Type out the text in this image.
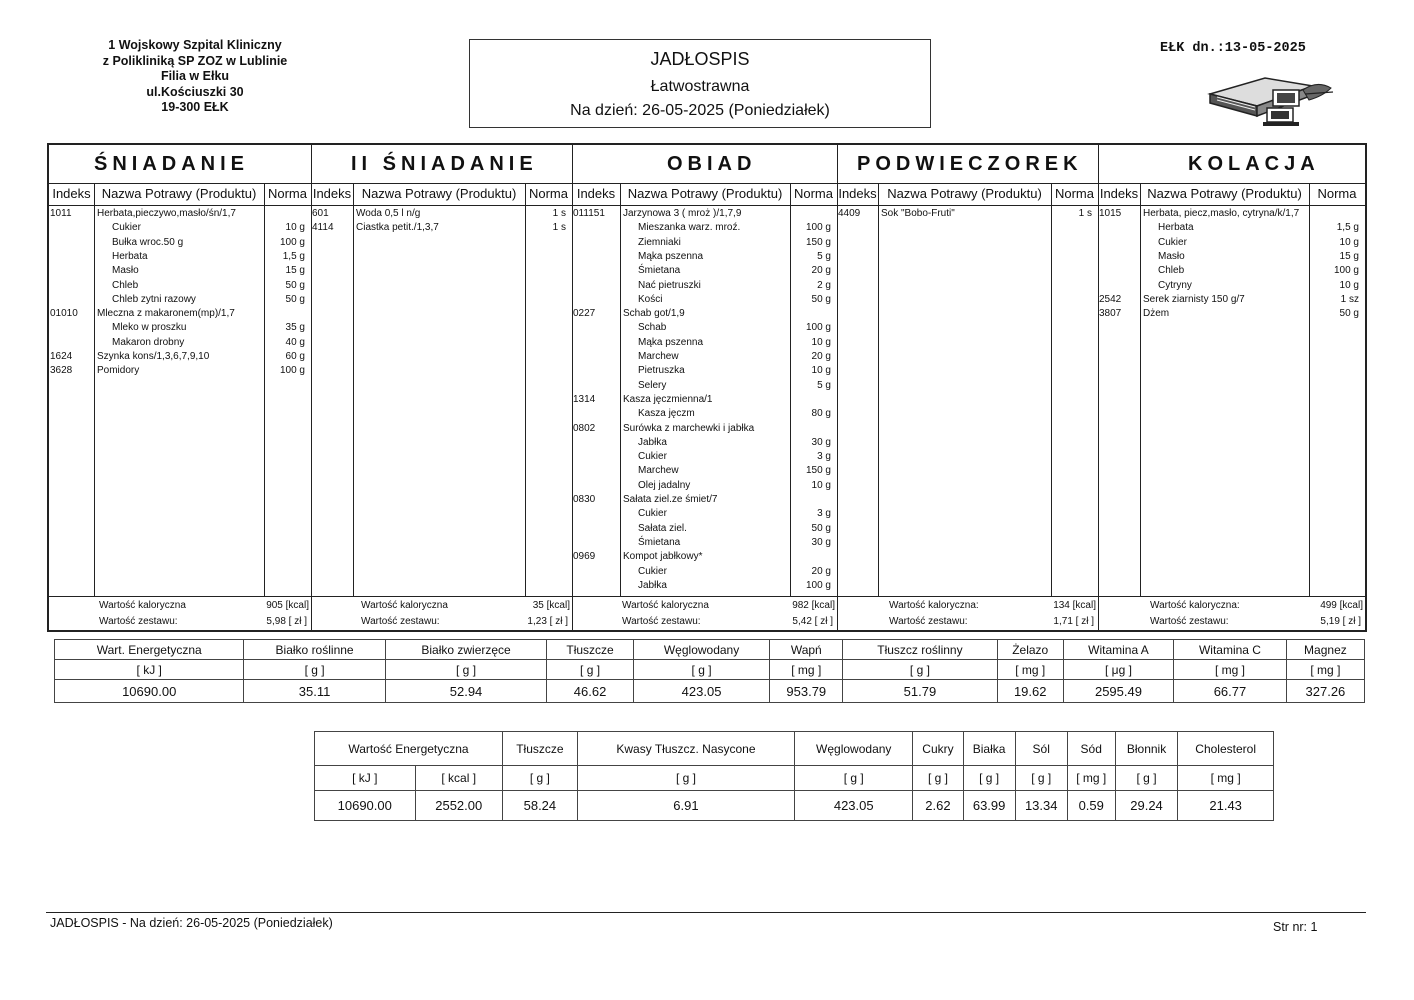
1 Wojskowy Szpital Kliniczny
z Polikliniką SP ZOZ w Lublinie
Filia w Ełku
ul.Kościuszki 30
19-300 EŁK
JADŁOSPIS
Łatwostrawna
Na dzień: 26-05-2025 (Poniedziałek)
EŁK dn.:13-05-2025
ŚNIADANIE
Indeks Nazwa Potrawy (Produktu) Norma
1011	Herbata,pieczywo,masło/śn/1,7
Cukier	10 g
Bułka wroc.50 g	100 g
Herbata	1,5 g
Masło	15 g
Chleb	50 g
Chleb zytni razowy	50 g
01010 Mleczna z makaronem(mp)/1,7
Mleko w proszku	35 g
Makaron drobny	40 g
1624 Szynka kons/1,3,6,7,9,10	60 g
3628 Pomidory	100 g
Wartość kaloryczna	905 [kcal]
Wartość zestawu:	5,98 [ zł ]
II ŚNIADANIE
Indeks Nazwa Potrawy (Produktu) Norma
601	Woda 0,5 l n/g	1 s
4114 Ciastka petit./1,3,7	1 s
Wartość kaloryczna	35 [kcal]
Wartość zestawu:	1,23 [ zł ]
OBIAD
Indeks Nazwa Potrawy (Produktu) Norma
011151 Jarzynowa 3 ( mroż )/1,7,9
Mieszanka warz. mroź.	100 g
Ziemniaki	150 g
Mąka pszenna	5 g
Śmietana	20 g
Nać pietruszki	2 g
Kości	50 g
0227	Schab got/1,9
Schab	100 g
Mąka pszenna	10 g
Marchew	20 g
Pietruszka	10 g
Selery	5 g
1314	Kasza jęczmienna/1
Kasza jęczm	80 g
0802	Surówka z marchewki i jabłka
Jabłka	30 g
Cukier	3 g
Marchew	150 g
Olej jadalny	10 g
0830	Sałata ziel.ze śmiet/7
Cukier	3 g
Sałata ziel.	50 g
Śmietana	30 g
0969	Kompot jabłkowy*
Cukier	20 g
Jabłka	100 g
Wartość kaloryczna	982 [kcal]
Wartość zestawu:	5,42 [ zł ]
PODWIECZOREK
Indeks Nazwa Potrawy (Produktu)	Norma
4409 Sok "Bobo-Fruti"	1 s
Wartość kaloryczna:	134 [kcal]
Wartość zestawu:	1,71 [ zł ]
KOLACJA
Indeks Nazwa Potrawy (Produktu)	Norma
1015 Herbata, piecz,masło, cytryna/k/1,7
Herbata	1,5 g
Cukier	10 g
Masło	15 g
Chleb	100 g
Cytryny	10 g
2542 Serek ziarnisty 150 g/7	1 sz
3807 Dżem	50 g
Wartość kaloryczna:	499 [kcal]
Wartość zestawu:	5,19 [ zł ]
Wart. Energetyczna	Białko roślinne	Białko zwierzęce	Tłuszcze	Węglowodany	Wapń	Tłuszcz roślinny	Żelazo	Witamina A	Witamina C	Magnez
[ kJ ]	[ g ]	[ g ]	[ g ]	[ g ]	[ mg ]	[ g ]	[ mg ]	[ μg ]	[ mg ]	[ mg ]
10690.00	35.11	52.94	46.62	423.05	953.79	51.79	19.62	2595.49	66.77	327.26
Wartość Energetyczna		Tłuszcze	Kwasy Tłuszcz. Nasycone	Węglowodany	Cukry	Białka	Sól	Sód	Błonnik	Cholesterol
[ kJ ]	[ kcal ]	[ g ]	[ g ]	[ g ]	[ g ]	[ g ]	[ g ]	[ mg ]	[ g ]	[ mg ]
10690.00	2552.00	58.24	6.91	423.05	2.62	63.99	13.34	0.59	29.24	21.43
JADŁOSPIS - Na dzień: 26-05-2025 (Poniedziałek)	Str nr: 1
